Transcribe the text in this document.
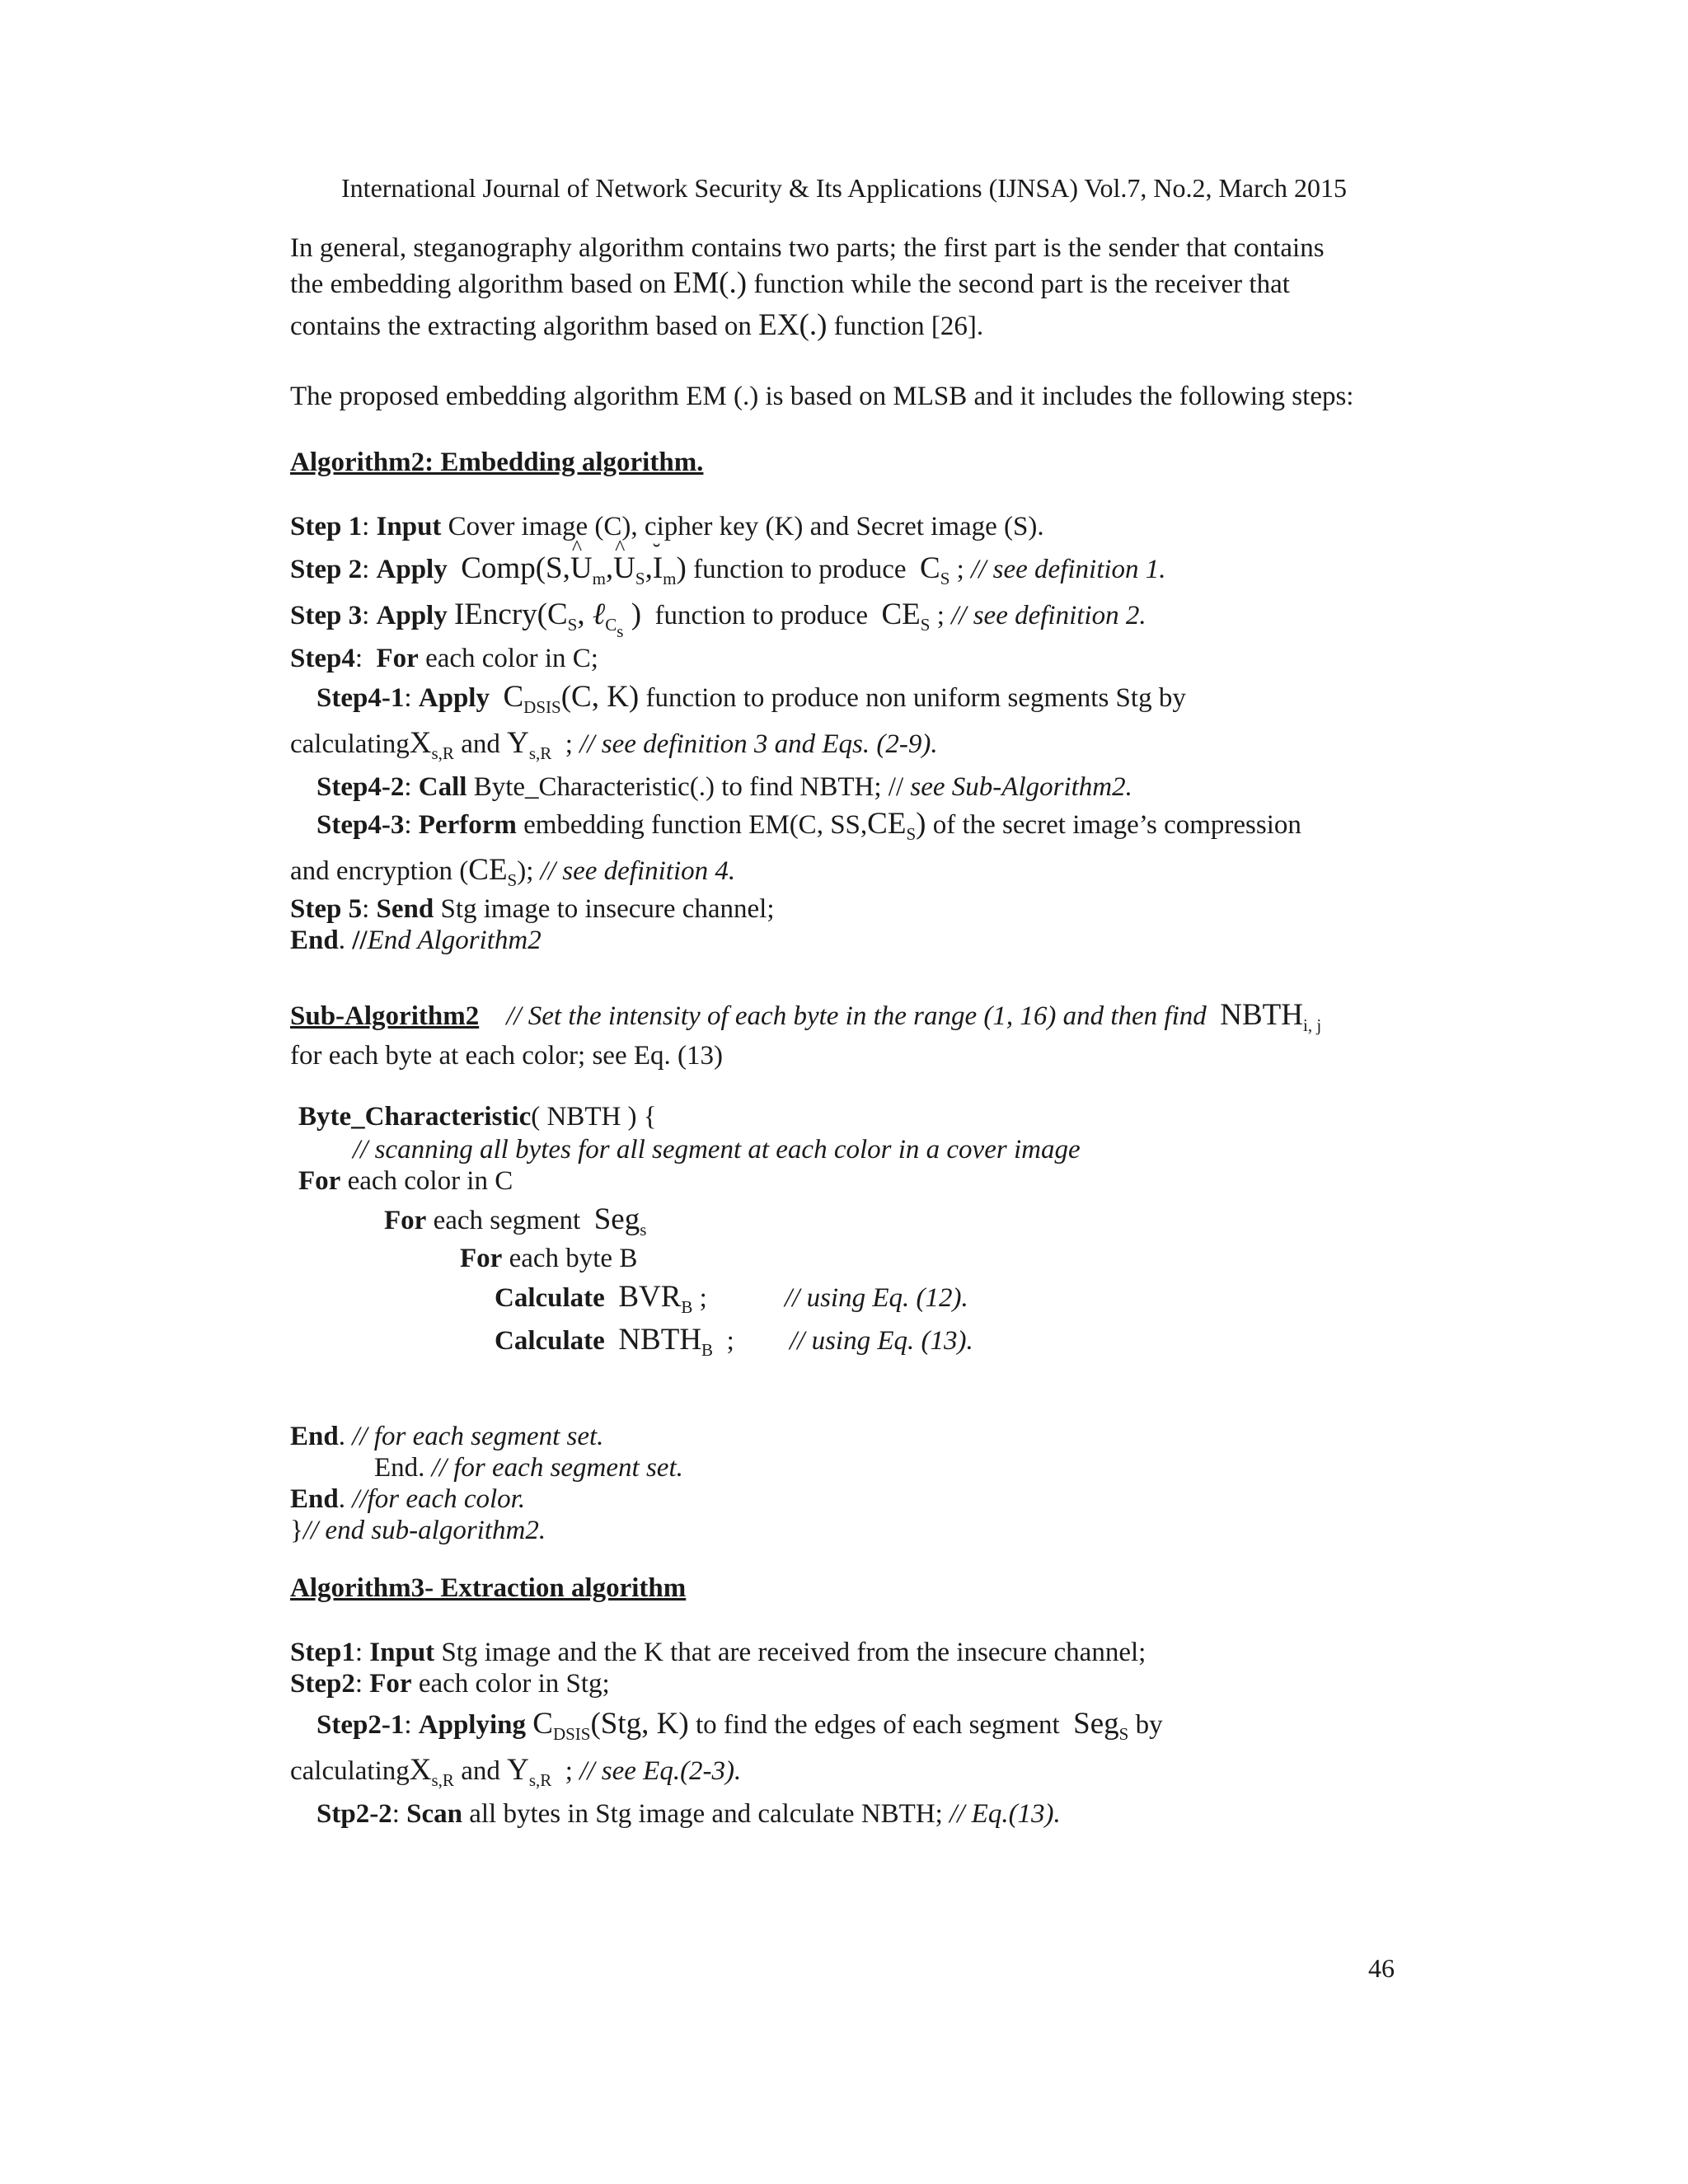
International Journal of Network Security & Its Applications (IJNSA) Vol.7, No.2, March 2015
In general, steganography algorithm contains two parts; the first part is the sender that contains
the embedding algorithm based on EM(.) function while the second part is the receiver that
contains the extracting algorithm based on EX(.) function [26].
The proposed embedding algorithm EM (.) is based on MLSB and it includes the following steps:
Algorithm2: Embedding algorithm.
Step 1: Input Cover image (C), cipher key (K) and Secret image (S).
Step 2: Apply Comp(S,^ $U_m,\^{}$ $U_S,˘$ $I_m$) function to produce  $C_S$ ; // see definition 1.
Step 3: Apply $IEncry(C_S$, ℓ$_{C_s}$ )  function to produce  $CE_S$ ; // see definition 2.
Step4:  For each color in C;
Step4-1: Apply $C_{DSIS}(C$, K) function to produce non uniform segments Stg by
calculatingX$_{s,R}$ and $Y_{s,R}$  ; // see definition 3 and Eqs. (2-9).
Step4-2: Call Byte_Characteristic(.) to find NBTH; // see Sub-Algorithm2.
Step4-3: Perform embedding function EM(C, $SS,CE_S$) of the secret image’s compression
and encryption $(CE_S)$; // see definition 4.
Step 5: Send Stg image to insecure channel;
End. //End Algorithm2
Sub-Algorithm2 // Set the intensity of each byte in the range (1, 16) and then find $NBTH_{i, j}$
for each byte at each color; see Eq. (13)
Byte_Characteristic( NBTH ) {
// scanning all bytes for all segment at each color in a cover image
For each color in C
For each segment  Seg$_s$
For each byte B
Calculate $BVR_B$ ;	// using Eq. (12).
Calculate $NBTH_B$  ; // using Eq. (13).
End. // for each segment set.
End. // for each segment set.
End. //for each color.
}// end sub-algorithm2.
Algorithm3- Extraction algorithm
Step1: Input Stg image and the K that are received from the insecure channel;
Step2: For each color in Stg;
Step2-1: Applying $C_{DSIS}(Stg$, K) to find the edges of each segment  Seg$_S$ by
calculatingX$_{s,R}$ and $Y_{s,R}$  ; // see Eq.(2-3).
Stp2-2: Scan all bytes in Stg image and calculate NBTH; // Eq.(13).
46
